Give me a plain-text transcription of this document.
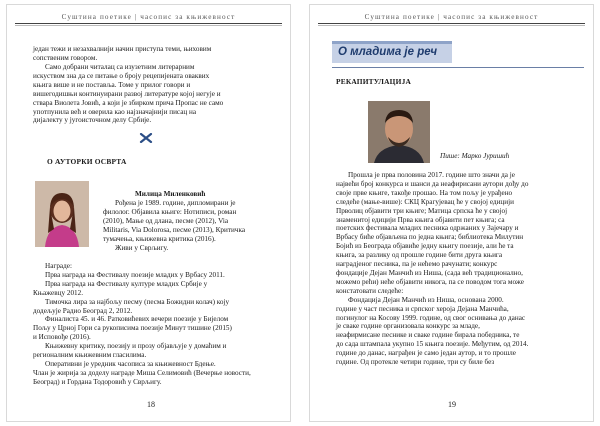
Суштина поетике | часопис за књижевност

један тежи и незахвалнији начин приступа теми, њиховим

сопственим говором.

Само добрани читалац са изузетним литерарним

искуством зна да се питање о броју рецепијената оваквих

књига више и не поставља. Томе у прилог говори и

вишегодишњи континуирани развој литературе којој негује и

ствара Виолета Јовић, а који је збирком прича Пропас не само

употпунила већ и оверила као најзначајнији писац на

дијалекту у југоисточном делу Србије.

О АУТОРКИ ОСВРТА
Милица Миленковић

Рођена је 1989. године, дипломирани је

филолог. Објавила књиге: Нотиписи, роман

(2010), Мање од длана, песме (2012), Via

Militaris, Via Dolorosa, песме (2013), Критичка

тумачења, књижевна критика (2016).

Живи у Сврљигу.

Награде:

Прва награда на Фестивалу поезије младих у Врбасу 2011.

Прва награда на Фестивалу културе младих Србије у

Књажевцу 2012.

Тимочка лира за најбољу песму (песма Божидни колач) коју

додељује Радио Београд 2, 2012.

Финалиста 45. и 46. Ратковићевих вечери поезије у Бијелом

Пољу у Црној Гори са рукописима поезије Минут тишине (2015)

и Исповође (2016).

Књижевну критику, поезију и прозу објављује у домаћим и

регионалним књижевним гласилима.

Оперативни је уредник часописа за књижевност Бдење.

Члан је жирија за доделу награде Миша Селимовић (Вечерње новости,

Београд) и Гордана Тодоровић у Сврљигу.

18
Суштина поетике | часопис за књижевност
О младима је реч
РЕКАПИТУЛАЦИЈА
Пише: Марко Јуришић

Прошла је прва половина 2017. године што значи да је

највећи број конкурса и шанси да неафирисани аутори дођу до

своје прве књиге, такође прошао. На том пољу је урађено

следеће (мање-више): СКЦ Крагујевац ће у својој едицији

Прволиц објавити три књиге; Матица српска ће у својој

знаменитој едицији Прва књига објавити пет књига; са

поетских фестивала младих песника одржаних у Зајечару и

Врбасу биће објављена по једна књига; библиотека Милутин

Бојић из Београда објавиће једну књигу поезије, али ће та

књига, за разлику од прошле године бити друга књига

наградјеног песника, па је нећемо рачунати; конкурс

фондације Дејан Манчић из Ниша, (сада већ традиционално,

можемо рећи) неће објавити никога, па се поводом тога може

констатовати следеће:

Фондација Дејан Манчић из Ниша, основана 2000.

године у част песника и српског хероја Дејана Манчића,

погинулог на Косову 1999. године, од свог оснивања до данас

је сваке године организовала конкурс за младе,

неафирмисане песнике и сваке године бирала победника, те

до сада штампала укупно 15 књига поезије. Међутим, од 2014.

године до данас, награђен је само један аутор, и то прошле

године. Од протекле четири године, три су биле без

19
